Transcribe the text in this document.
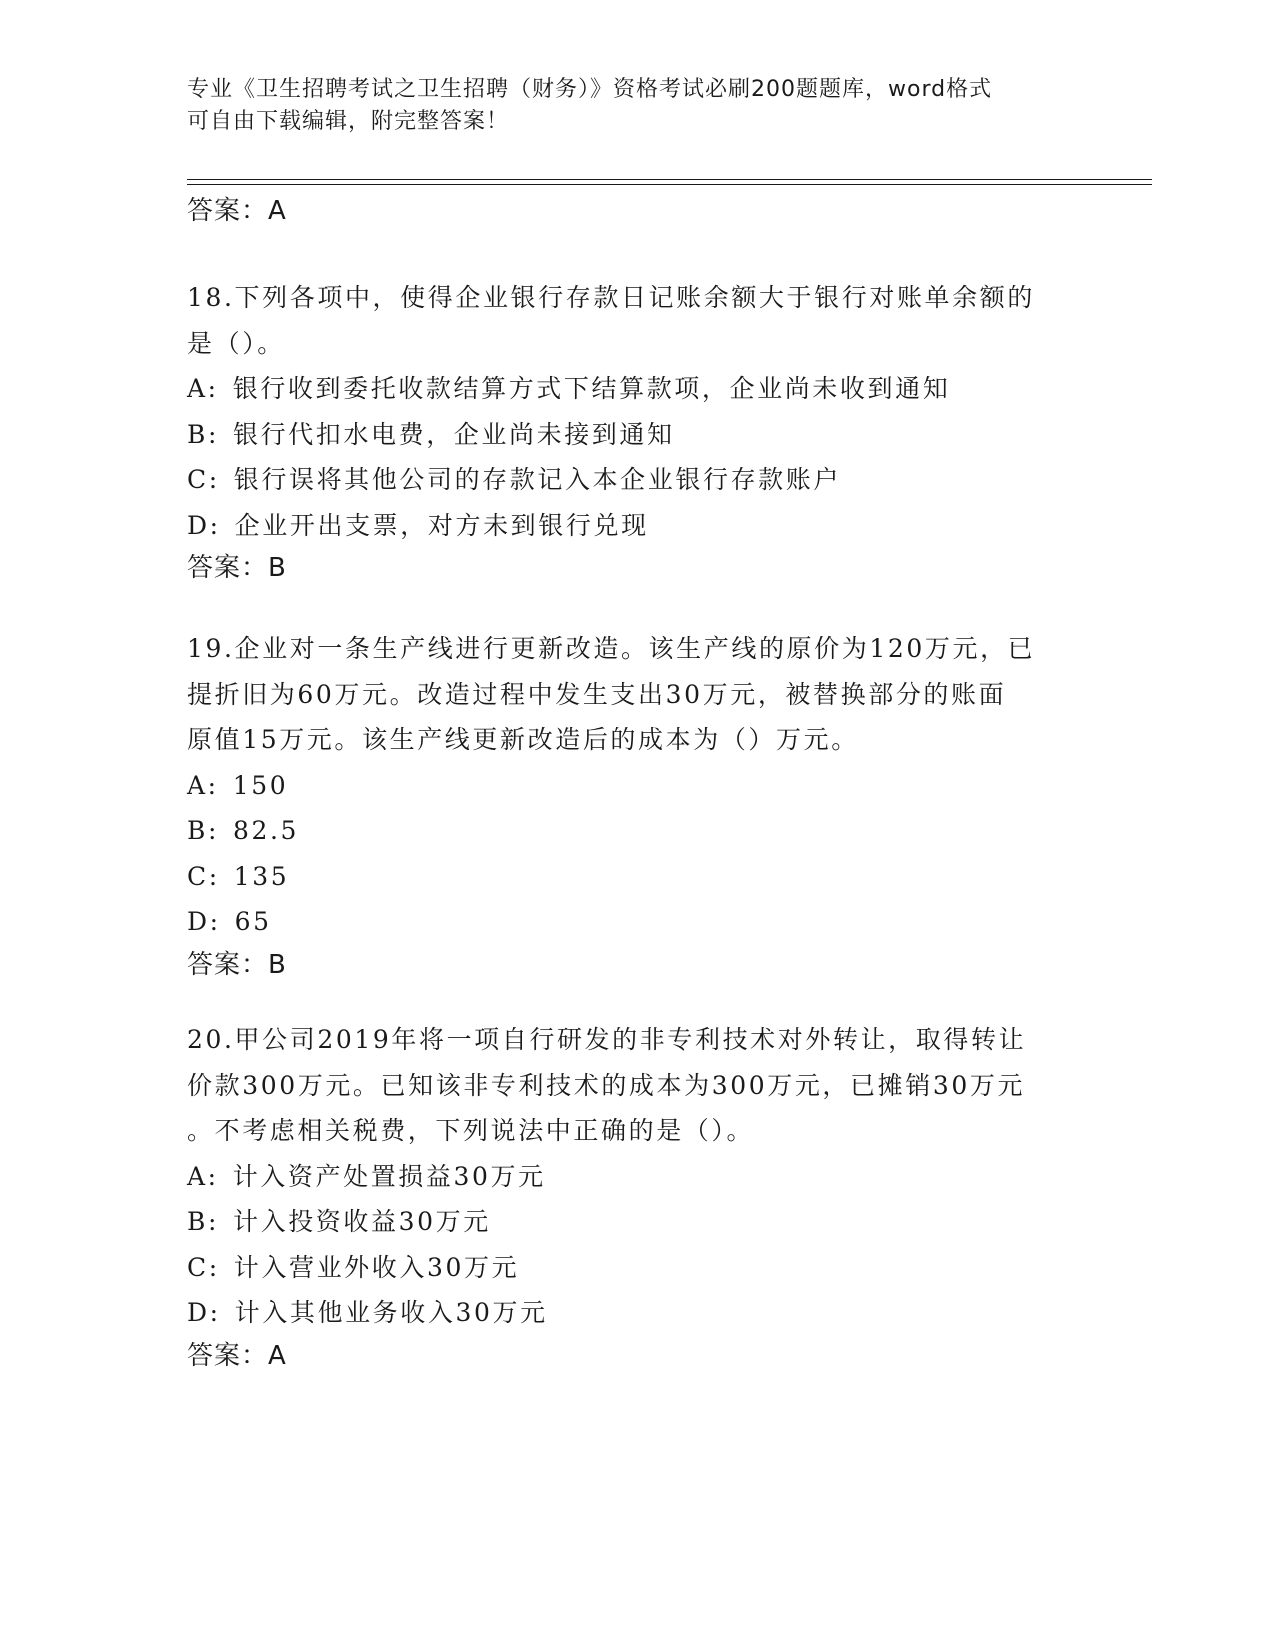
专业《卫生招聘考试之卫生招聘（财务）》资格考试必刷200题题库，word格式
可自由下载编辑，附完整答案！
答案：A
18.下列各项中，使得企业银行存款日记账余额大于银行对账单余额的
是（）。
A: 银行收到委托收款结算方式下结算款项，企业尚未收到通知
B: 银行代扣水电费，企业尚未接到通知
C: 银行误将其他公司的存款记入本企业银行存款账户
D: 企业开出支票，对方未到银行兑现
答案：B
19.企业对一条生产线进行更新改造。该生产线的原价为120万元，已
提折旧为60万元。改造过程中发生支出30万元，被替换部分的账面
原值15万元。该生产线更新改造后的成本为（）万元。
A: 150
B: 82.5
C: 135
D: 65
答案：B
20.甲公司2019年将一项自行研发的非专利技术对外转让，取得转让
价款300万元。已知该非专利技术的成本为300万元，已摊销30万元
。不考虑相关税费，下列说法中正确的是（）。
A: 计入资产处置损益30万元
B: 计入投资收益30万元
C: 计入营业外收入30万元
D: 计入其他业务收入30万元
答案：A
